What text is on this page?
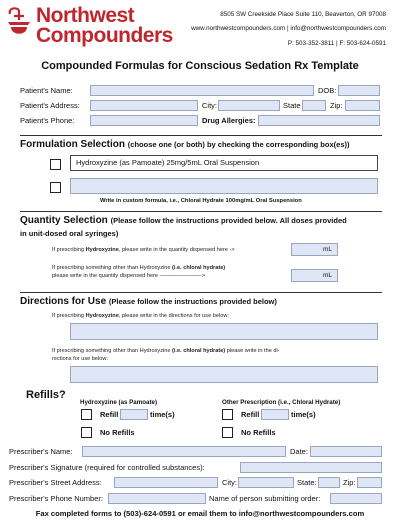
Northwest
Compounders
8505 SW Creekside Place Suite 110, Beaverton, OR 97008
www.northwestcompounders.com | info@northwestcompounders.com
P: 503-352-3811 | F: 503-624-0591
Compounded Formulas for Conscious Sedation Rx Template
Patient's Name:	DOB:
Patient's Address:	City:	State	Zip:
Patient's Phone:	Drug Allergies:
Formulation Selection (choose one (or both) by checking the corresponding box(es))
Hydroxyzine (as Pamoate) 25mg/5mL Oral Suspension
Write in custom formula, i.e., Chloral Hydrate 100mg/mL Oral Suspension
Quantity Selection (Please follow the instructions provided below. All doses provided
in unit-dosed oral syringes)
If prescribing Hydroxyzine, please write in the quantity dispensed here ->	mL
If prescribing something other than Hydroxyzine (i.e. chloral hydrate)
please write in the quantity dispensed here –––––––––––––->	mL
Directions for Use (Please follow the instructions provided below)
If prescribing Hydroxyzine, please write in the directions for use below:
If prescribing something other than Hydroxyzine (i.e. chloral hydrate) please write in the di-
rections for use below:
Refills?
Hydroxyzine (as Pamoate)
Refill	time(s)
No Refills
Other Prescription (i.e., Chloral Hydrate)
Refill	time(s)
No Refills
Prescriber's Name:	Date:
Prescriber's Signature (required for controlled substances):
Prescriber's Street Address:	City:	State:	Zip:
Prescriber's Phone Number:	Name of person submitting order:
Fax completed forms to (503)-624-0591 or email them to info@northwestcompounders.com
